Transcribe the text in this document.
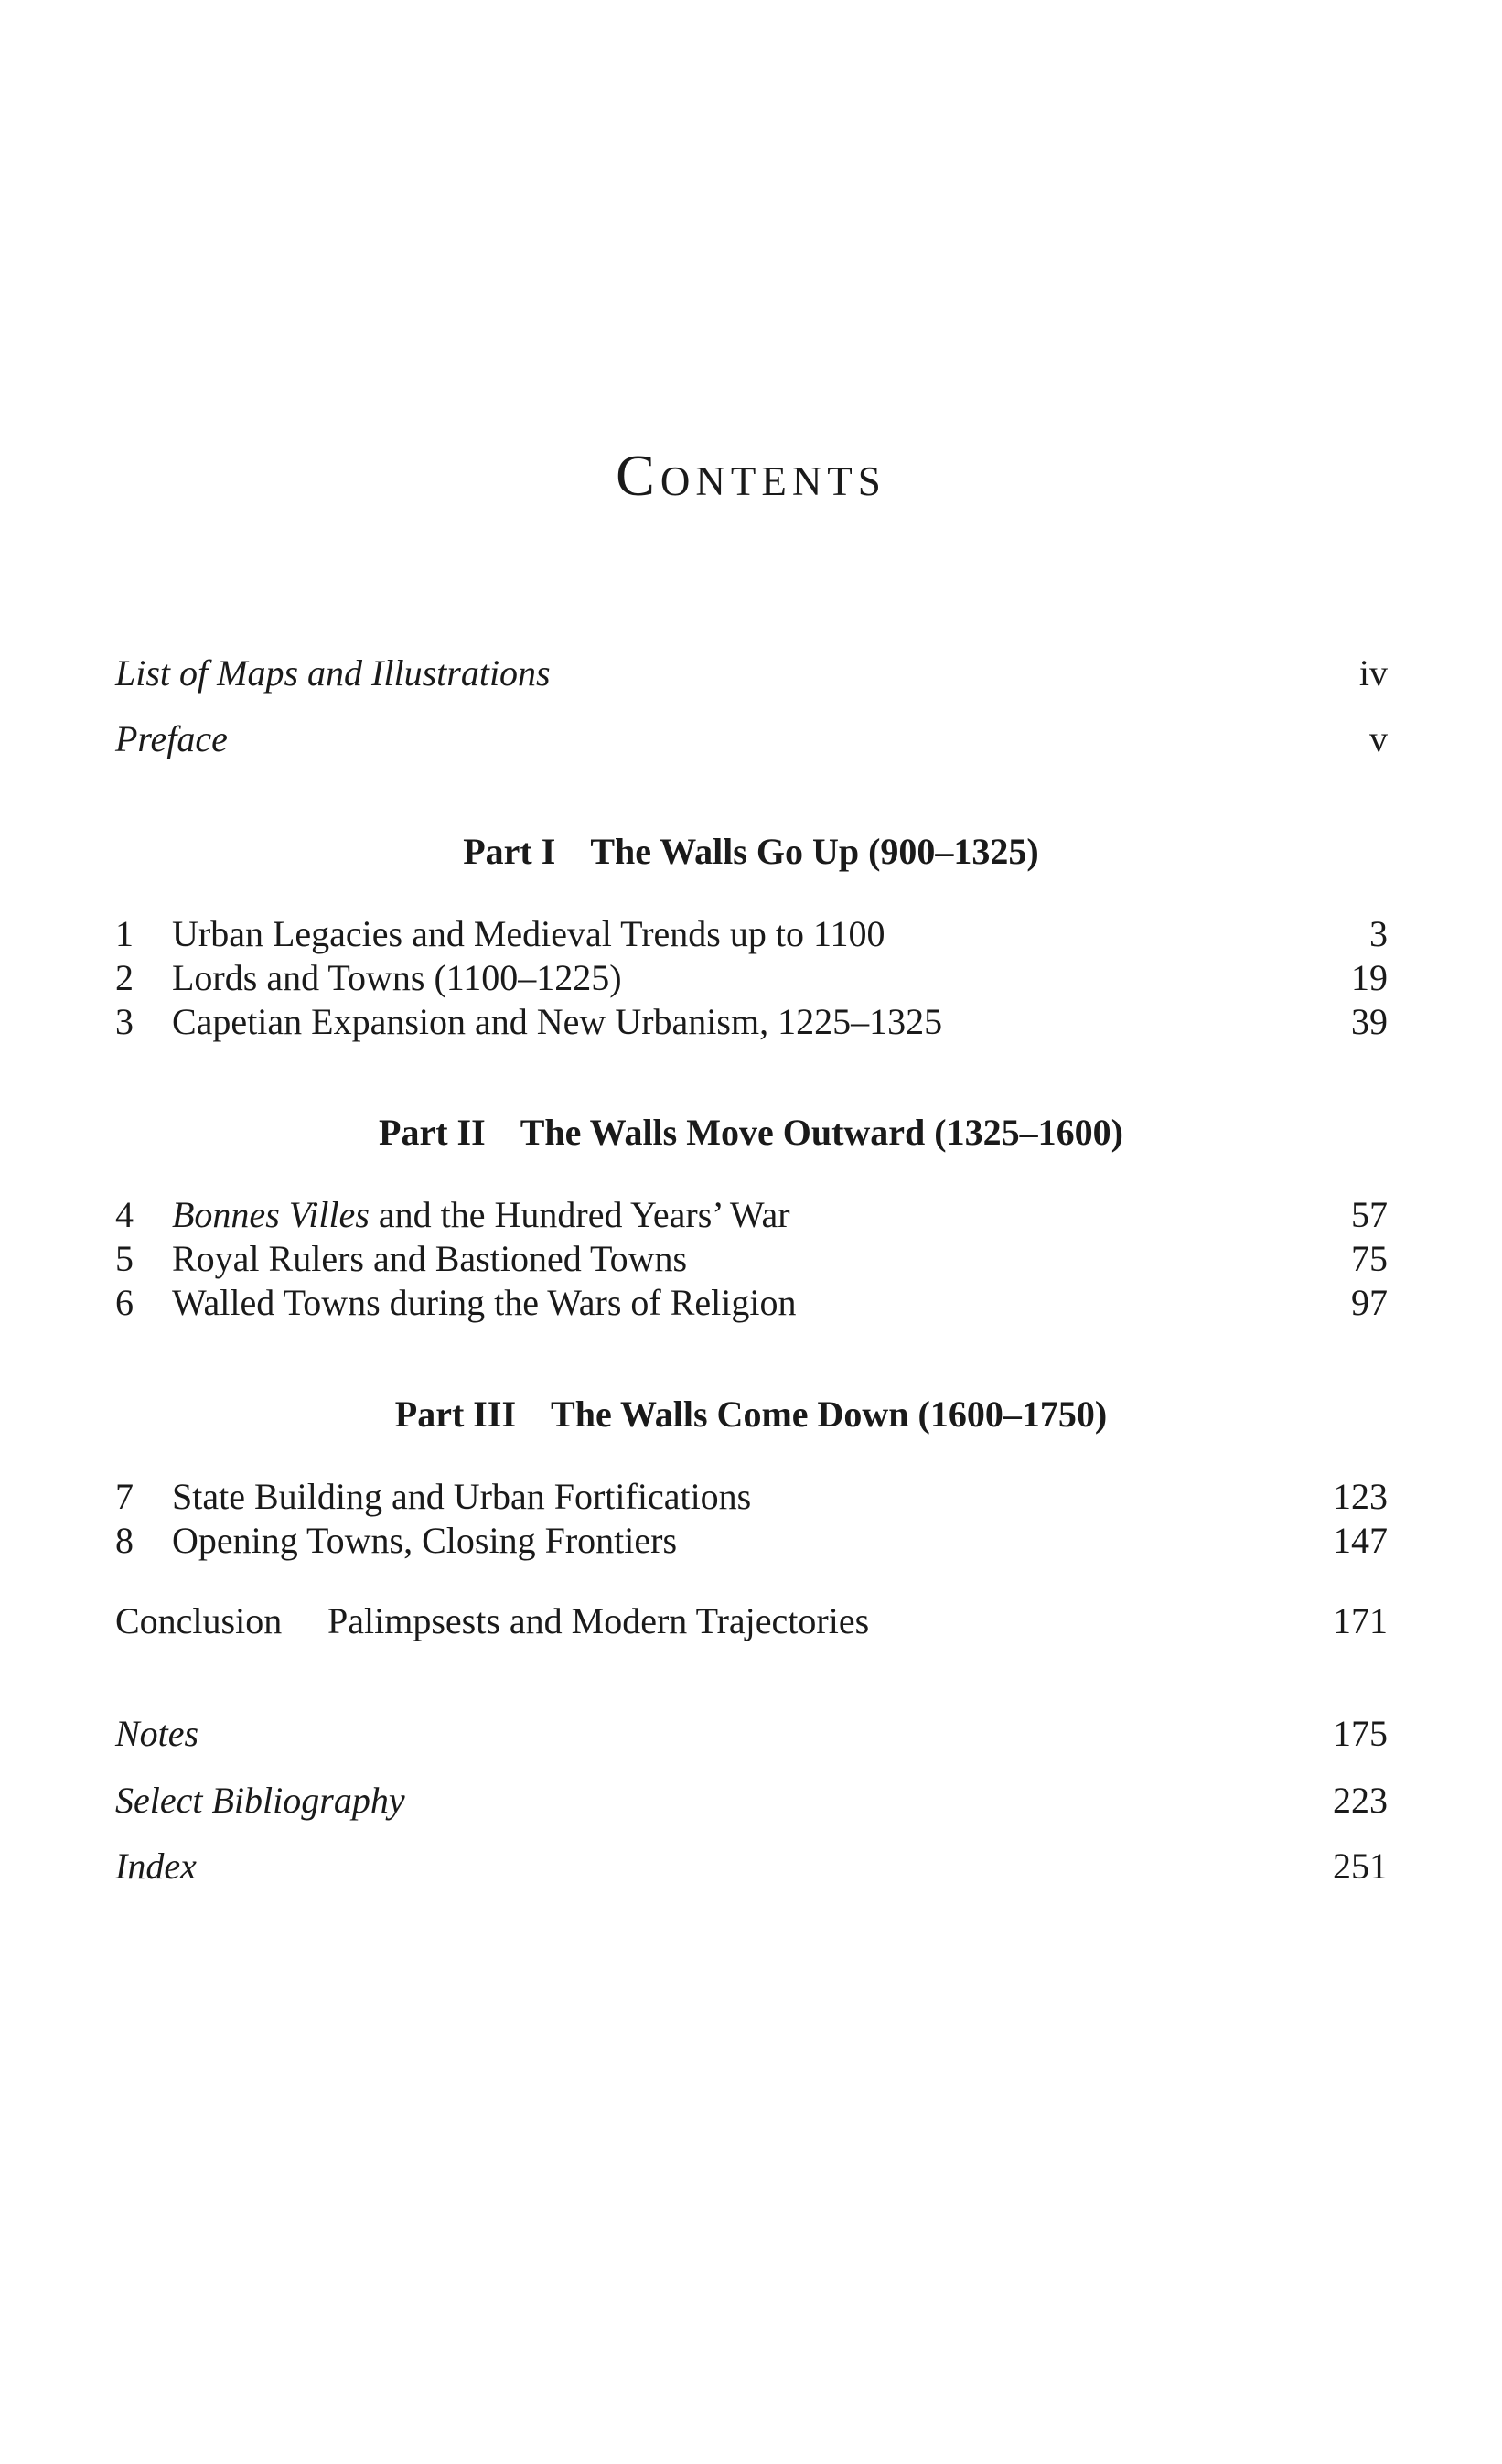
Contents
List of Maps and Illustrations	iv
Preface	v
Part I The Walls Go Up (900–1325)
1	Urban Legacies and Medieval Trends up to 1100	3
2	Lords and Towns (1100–1225)	19
3	Capetian Expansion and New Urbanism, 1225–1325	39
Part II The Walls Move Outward (1325–1600)
4	Bonnes Villes and the Hundred Years’ War	57
5	Royal Rulers and Bastioned Towns	75
6	Walled Towns during the Wars of Religion	97
Part III The Walls Come Down (1600–1750)
7	State Building and Urban Fortifications	123
8	Opening Towns, Closing Frontiers	147
Conclusion	Palimpsests and Modern Trajectories	171
Notes	175
Select Bibliography	223
Index	251
